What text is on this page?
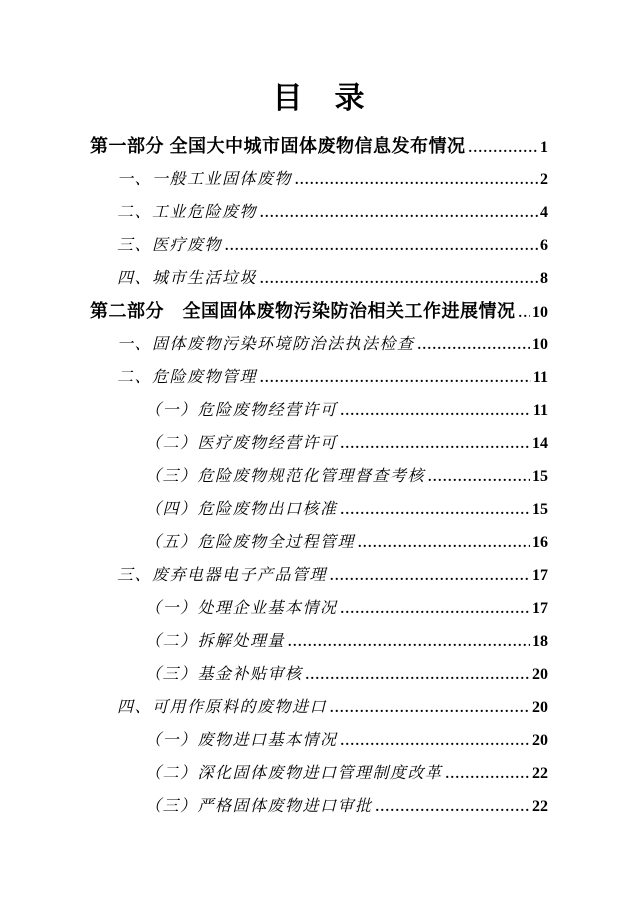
目　录
第一部分 全国大中城市固体废物信息发布情况 .....	1
一、一般工业固体废物 .....	2
二、工业危险废物 .....	4
三、医疗废物 .....	6
四、城市生活垃圾 .....	8
第二部分　全国固体废物污染防治相关工作进展情况 ..... 10
一、固体废物污染环境防治法执法检查 .....	10
二、危险废物管理 .....	11
（一）危险废物经营许可 .....	11
（二）医疗废物经营许可 .....	14
（三）危险废物规范化管理督查考核 .....	15
（四）危险废物出口核准 .....	15
（五）危险废物全过程管理 .....	16
三、废弃电器电子产品管理 .....	17
（一）处理企业基本情况 .....	17
（二）拆解处理量 .....	18
（三）基金补贴审核 .....	20
四、可用作原料的废物进口 .....	20
（一）废物进口基本情况 .....	20
（二）深化固体废物进口管理制度改革 .....	22
（三）严格固体废物进口审批 .....	22
